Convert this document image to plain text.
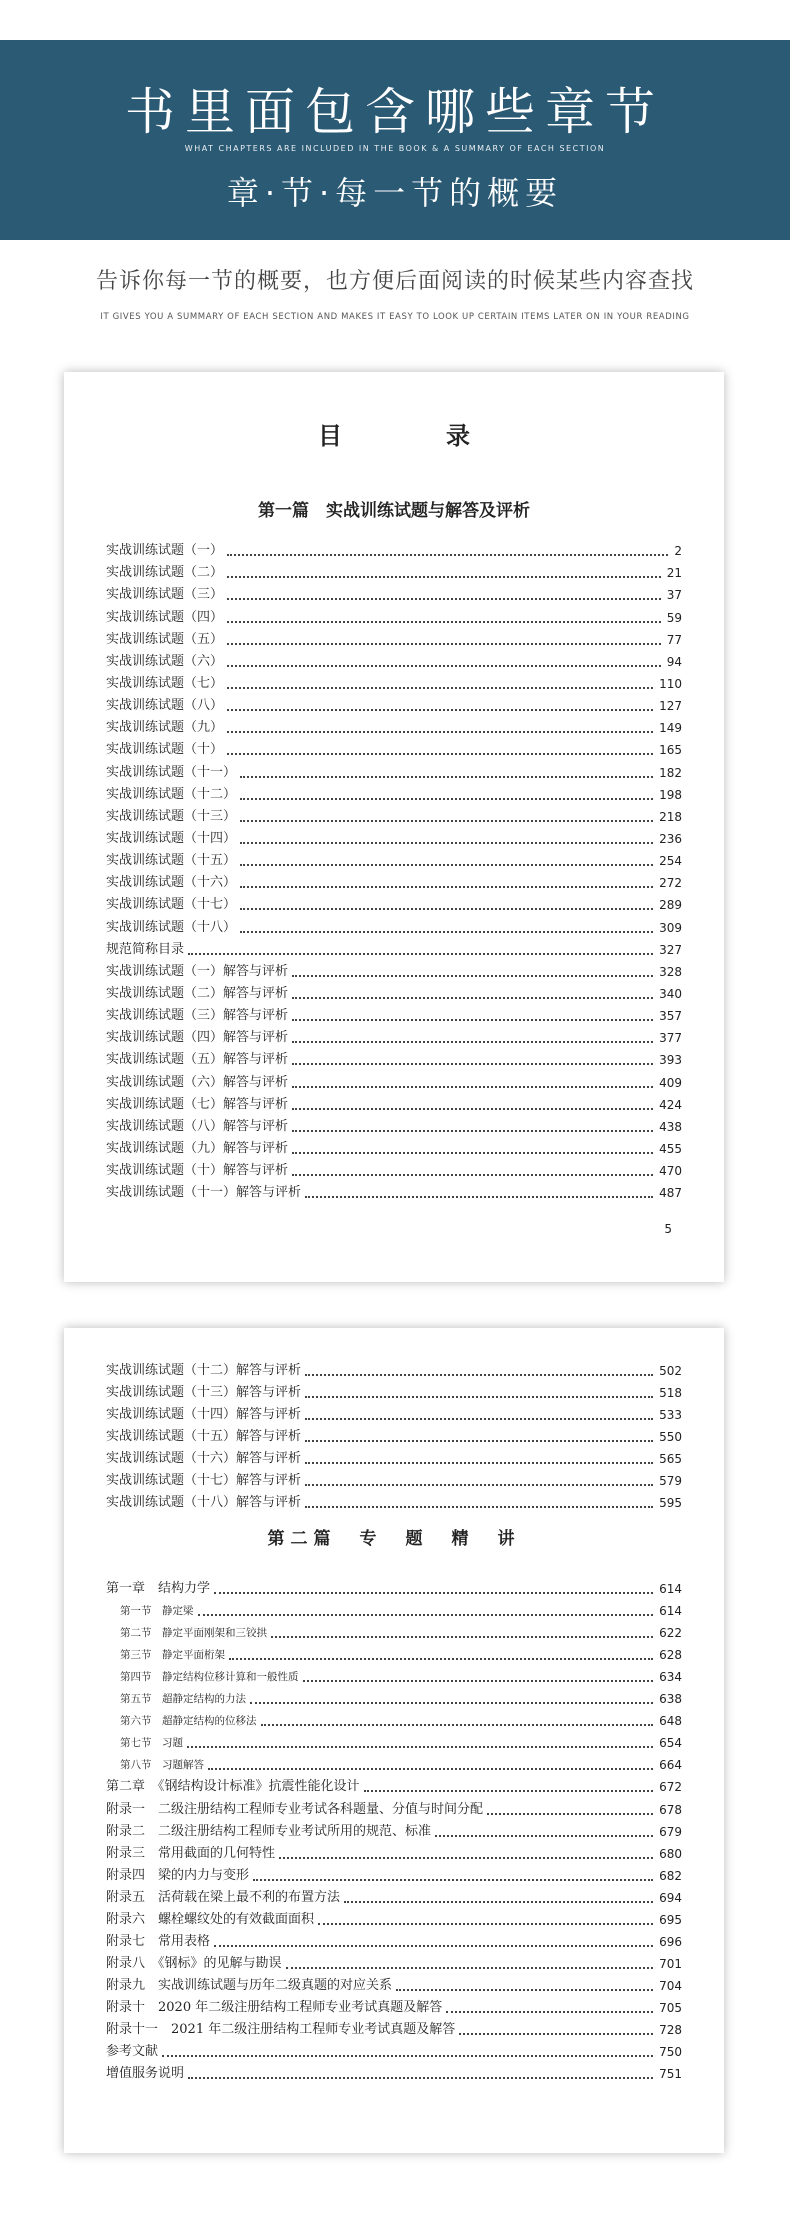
书里面包含哪些章节
WHAT CHAPTERS ARE INCLUDED IN THE BOOK & A SUMMARY OF EACH SECTION
章·节·每一节的概要
告诉你每一节的概要，也方便后面阅读的时候某些内容查找
IT GIVES YOU A SUMMARY OF EACH SECTION AND MAKES IT EASY TO LOOK UP CERTAIN ITEMS LATER ON IN YOUR READING
目　录
第一篇　实战训练试题与解答及评析
实战训练试题（一）	2
实战训练试题（二）	21
实战训练试题（三）	37
实战训练试题（四）	59
实战训练试题（五）	77
实战训练试题（六）	94
实战训练试题（七）	110
实战训练试题（八）	127
实战训练试题（九）	149
实战训练试题（十）	165
实战训练试题（十一）	182
实战训练试题（十二）	198
实战训练试题（十三）	218
实战训练试题（十四）	236
实战训练试题（十五）	254
实战训练试题（十六）	272
实战训练试题（十七）	289
实战训练试题（十八）	309
规范简称目录	327
实战训练试题（一）解答与评析	328
实战训练试题（二）解答与评析	340
实战训练试题（三）解答与评析	357
实战训练试题（四）解答与评析	377
实战训练试题（五）解答与评析	393
实战训练试题（六）解答与评析	409
实战训练试题（七）解答与评析	424
实战训练试题（八）解答与评析	438
实战训练试题（九）解答与评析	455
实战训练试题（十）解答与评析	470
实战训练试题（十一）解答与评析	487
5
实战训练试题（十二）解答与评析	502
实战训练试题（十三）解答与评析	518
实战训练试题（十四）解答与评析	533
实战训练试题（十五）解答与评析	550
实战训练试题（十六）解答与评析	565
实战训练试题（十七）解答与评析	579
实战训练试题（十八）解答与评析	595
第二篇　专　题　精　讲
第一章　结构力学	614
第一节　静定梁	614
第二节　静定平面刚架和三铰拱	622
第三节　静定平面桁架	628
第四节　静定结构位移计算和一般性质	634
第五节　超静定结构的力法	638
第六节　超静定结构的位移法	648
第七节　习题	654
第八节　习题解答	664
第二章　《钢结构设计标准》抗震性能化设计	672
附录一　二级注册结构工程师专业考试各科题量、分值与时间分配	678
附录二　二级注册结构工程师专业考试所用的规范、标准	679
附录三　常用截面的几何特性	680
附录四　梁的内力与变形	682
附录五　活荷载在梁上最不利的布置方法	694
附录六　螺栓螺纹处的有效截面面积	695
附录七　常用表格	696
附录八　《钢标》的见解与勘误	701
附录九　实战训练试题与历年二级真题的对应关系	704
附录十　2020 年二级注册结构工程师专业考试真题及解答	705
附录十一　2021 年二级注册结构工程师专业考试真题及解答	728
参考文献	750
增值服务说明	751
